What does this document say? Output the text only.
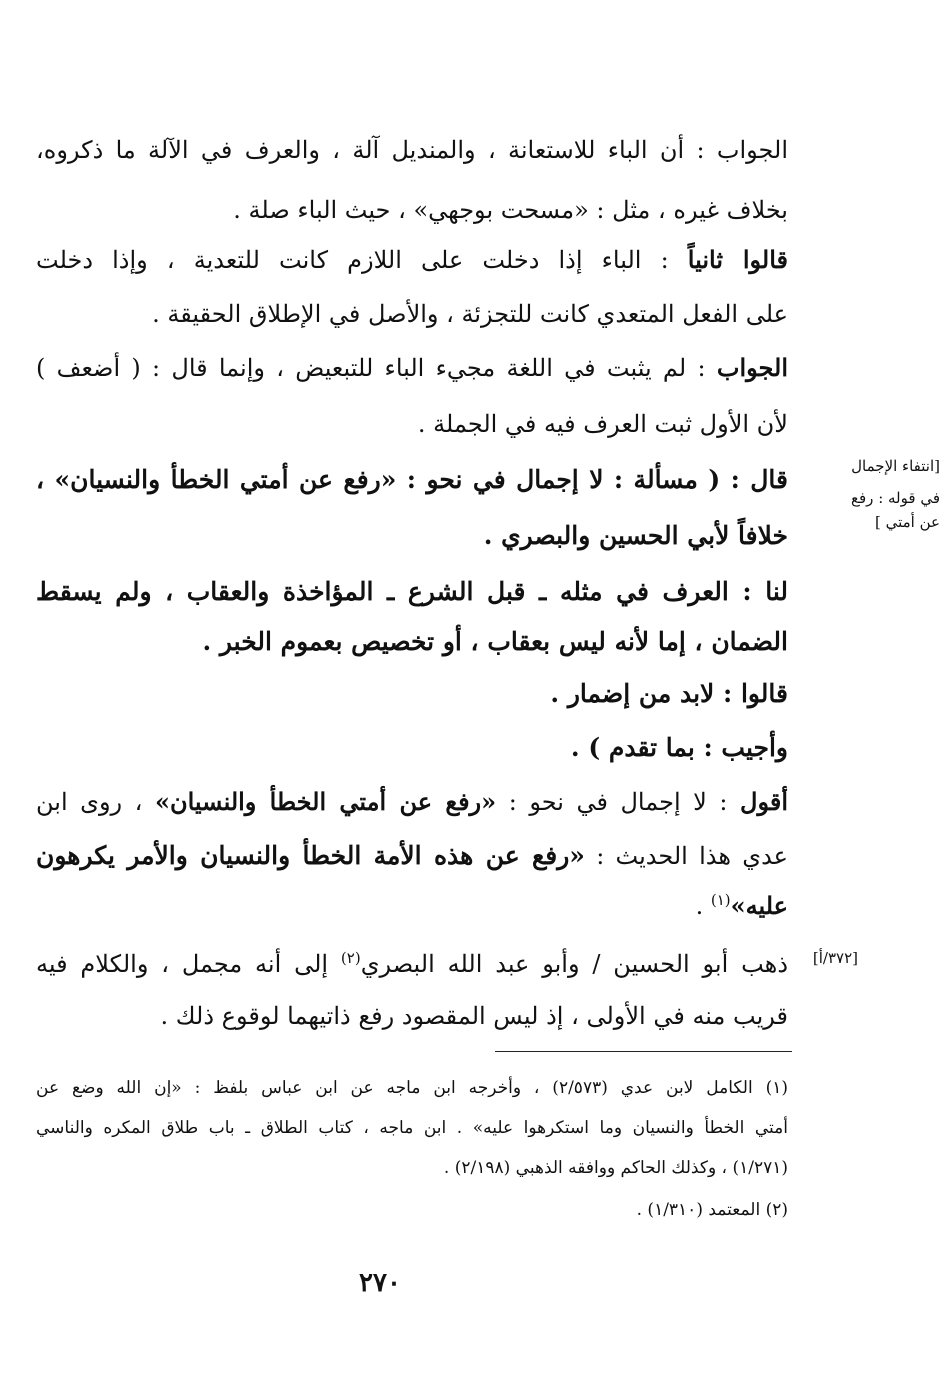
الجواب : أن الباء للاستعانة ، والمنديل آلة ، والعرف في الآلة ما ذكروه،
بخلاف غيره ، مثل : «مسحت بوجهي» ، حيث الباء صلة .
قالوا ثانياً : الباء إذا دخلت على اللازم كانت للتعدية ، وإذا دخلت
على الفعل المتعدي كانت للتجزئة ، والأصل في الإطلاق الحقيقة .
الجواب : لم يثبت في اللغة مجيء الباء للتبعيض ، وإنما قال : ( أضعف )
لأن الأول ثبت العرف فيه في الجملة .
قال : ( مسألة : لا إجمال في نحو : «رفع عن أمتي الخطأ والنسيان» ،
خلافاً لأبي الحسين والبصري .
لنا : العرف في مثله ـ قبل الشرع ـ المؤاخذة والعقاب ، ولم يسقط
الضمان ، إما لأنه ليس بعقاب ، أو تخصيص بعموم الخبر .
قالوا : لابد من إضمار .
وأجيب : بما تقدم ) .
أقول : لا إجمال في نحو : «رفع عن أمتي الخطأ والنسيان» ، روى ابن
عدي هذا الحديث : «رفع عن هذه الأمة الخطأ والنسيان والأمر يكرهون
عليه»$^{(١)}$ .
ذهب أبو الحسين / وأبو عبد الله البصري$^{(٢)}$ إلى أنه مجمل ، والكلام فيه
قريب منه في الأولى ، إذ ليس المقصود رفع ذاتيهما لوقوع ذلك .
[انتفاء الإجمال
في قوله : رفع
عن أمتي ]
[٣٧٢/أ]
(١) الكامل لابن عدي (٢/٥٧٣) ، وأخرجه ابن ماجه عن ابن عباس بلفظ : «إن الله وضع عن
أمتي الخطأ والنسيان وما استكرهوا عليه» . ابن ماجه ، كتاب الطلاق ـ باب طلاق المكره والناسي
(١/٢٧١) ، وكذلك الحاكم ووافقه الذهبي (٢/١٩٨) .
(٢) المعتمد (١/٣١٠) .
٢٧٠
